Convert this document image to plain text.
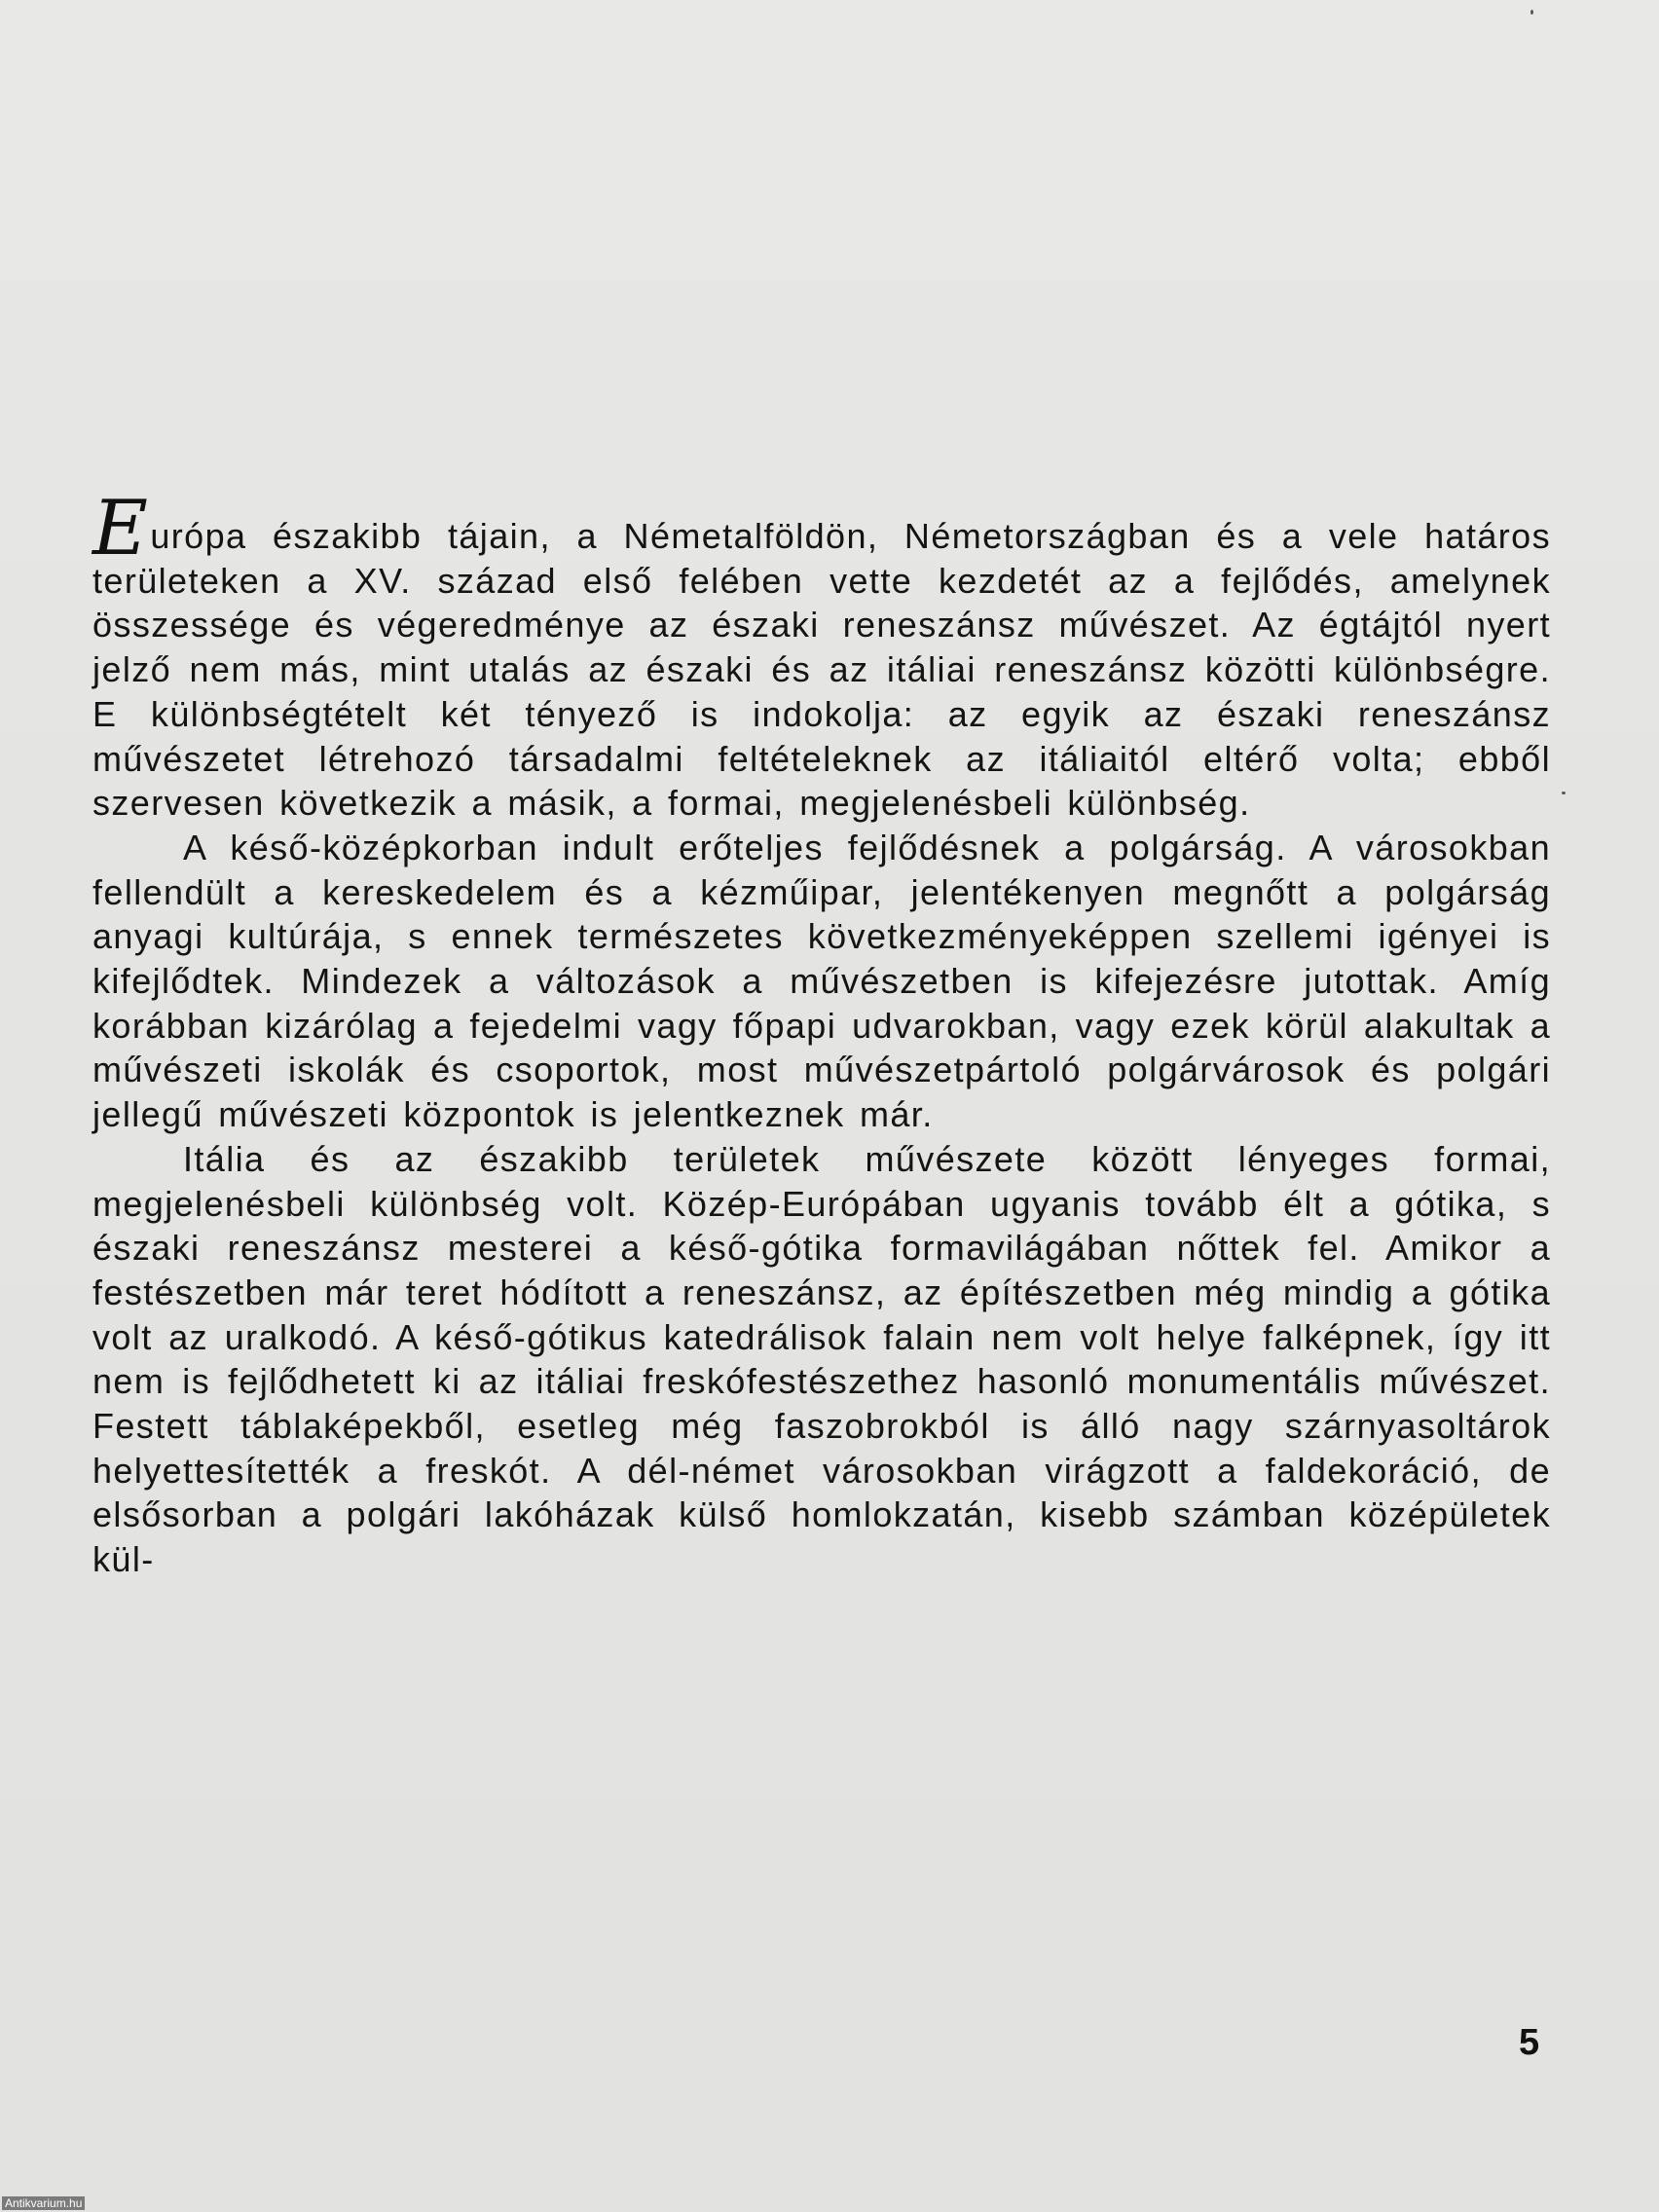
Európa északibb tájain, a Németalföldön, Németországban és a vele határos területeken a XV. század első felében vette kezdetét az a fejlődés, amelynek összessége és végeredménye az északi reneszánsz művészet. Az égtájtól nyert jelző nem más, mint utalás az északi és az itáliai reneszánsz közötti különbségre. E különbségtételt két tényező is indokolja: az egyik az északi reneszánsz művészetet létrehozó társadalmi feltételeknek az itáliaitól eltérő volta; ebből szervesen következik a másik, a formai, megjelenésbeli különbség.

A késő-középkorban indult erőteljes fejlődésnek a polgárság. A városokban fellendült a kereskedelem és a kézműipar, jelentékenyen megnőtt a polgárság anyagi kultúrája, s ennek természetes következményeképpen szellemi igényei is kifejlődtek. Mindezek a változások a művészetben is kifejezésre jutottak. Amíg korábban kizárólag a fejedelmi vagy főpapi udvarokban, vagy ezek körül alakultak a művészeti iskolák és csoportok, most művészetpártoló polgárvárosok és polgári jellegű művészeti központok is jelentkeznek már.

Itália és az északibb területek művészete között lényeges formai, megjelenésbeli különbség volt. Közép-Európában ugyanis tovább élt a gótika, s északi reneszánsz mesterei a késő-gótika formavilágában nőttek fel. Amikor a festészetben már teret hódított a reneszánsz, az építészetben még mindig a gótika volt az uralkodó. A késő-gótikus katedrálisok falain nem volt helye falképnek, így itt nem is fejlődhetett ki az itáliai freskófestészethez hasonló monumentális művészet. Festett táblaképekből, esetleg még faszobrokból is álló nagy szárnyasoltárok helyettesítették a freskót. A dél-német városokban virágzott a faldekoráció, de elsősorban a polgári lakóházak külső homlokzatán, kisebb számban középületek kül-

5
Antikvarium.hu
